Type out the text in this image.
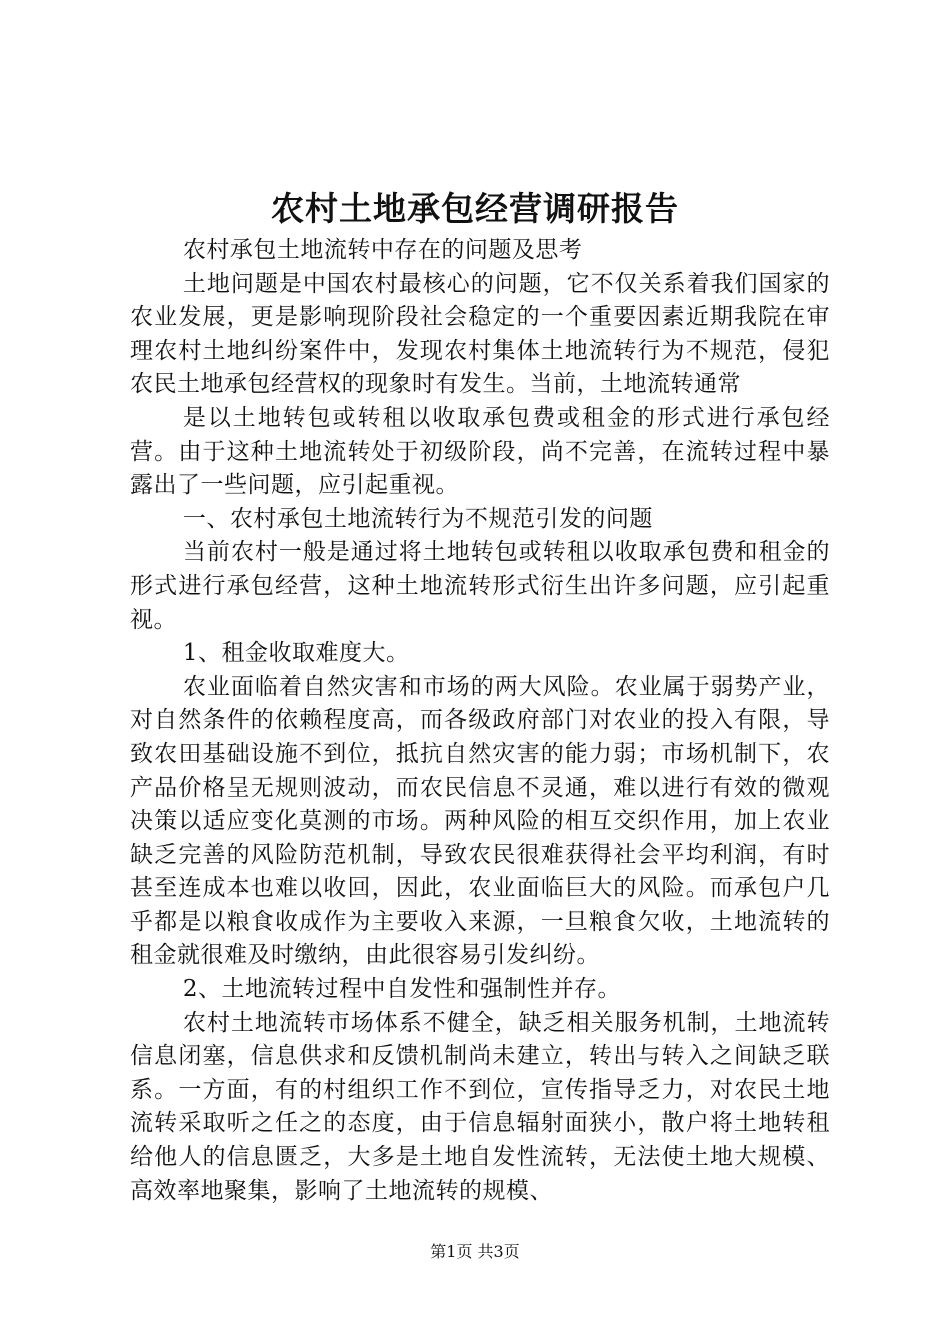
农村土地承包经营调研报告

农村承包土地流转中存在的问题及思考

土地问题是中国农村最核心的问题，它不仅关系着我们国家的农业发展，更是影响现阶段社会稳定的一个重要因素近期我院在审理农村土地纠纷案件中，发现农村集体土地流转行为不规范，侵犯农民土地承包经营权的现象时有发生。当前，土地流转通常

是以土地转包或转租以收取承包费或租金的形式进行承包经营。由于这种土地流转处于初级阶段，尚不完善，在流转过程中暴露出了一些问题，应引起重视。

一、农村承包土地流转行为不规范引发的问题

当前农村一般是通过将土地转包或转租以收取承包费和租金的形式进行承包经营，这种土地流转形式衍生出许多问题，应引起重视。

1、租金收取难度大。

农业面临着自然灾害和市场的两大风险。农业属于弱势产业，对自然条件的依赖程度高，而各级政府部门对农业的投入有限，导致农田基础设施不到位，抵抗自然灾害的能力弱；市场机制下，农产品价格呈无规则波动，而农民信息不灵通，难以进行有效的微观决策以适应变化莫测的市场。两种风险的相互交织作用，加上农业缺乏完善的风险防范机制，导致农民很难获得社会平均利润，有时甚至连成本也难以收回，因此，农业面临巨大的风险。而承包户几乎都是以粮食收成作为主要收入来源，一旦粮食欠收，土地流转的租金就很难及时缴纳，由此很容易引发纠纷。

2、土地流转过程中自发性和强制性并存。

农村土地流转市场体系不健全，缺乏相关服务机制，土地流转信息闭塞，信息供求和反馈机制尚未建立，转出与转入之间缺乏联系。一方面，有的村组织工作不到位，宣传指导乏力，对农民土地流转采取听之任之的态度，由于信息辐射面狭小，散户将土地转租给他人的信息匮乏，大多是土地自发性流转，无法使土地大规模、高效率地聚集，影响了土地流转的规模、

第1页 共3页
